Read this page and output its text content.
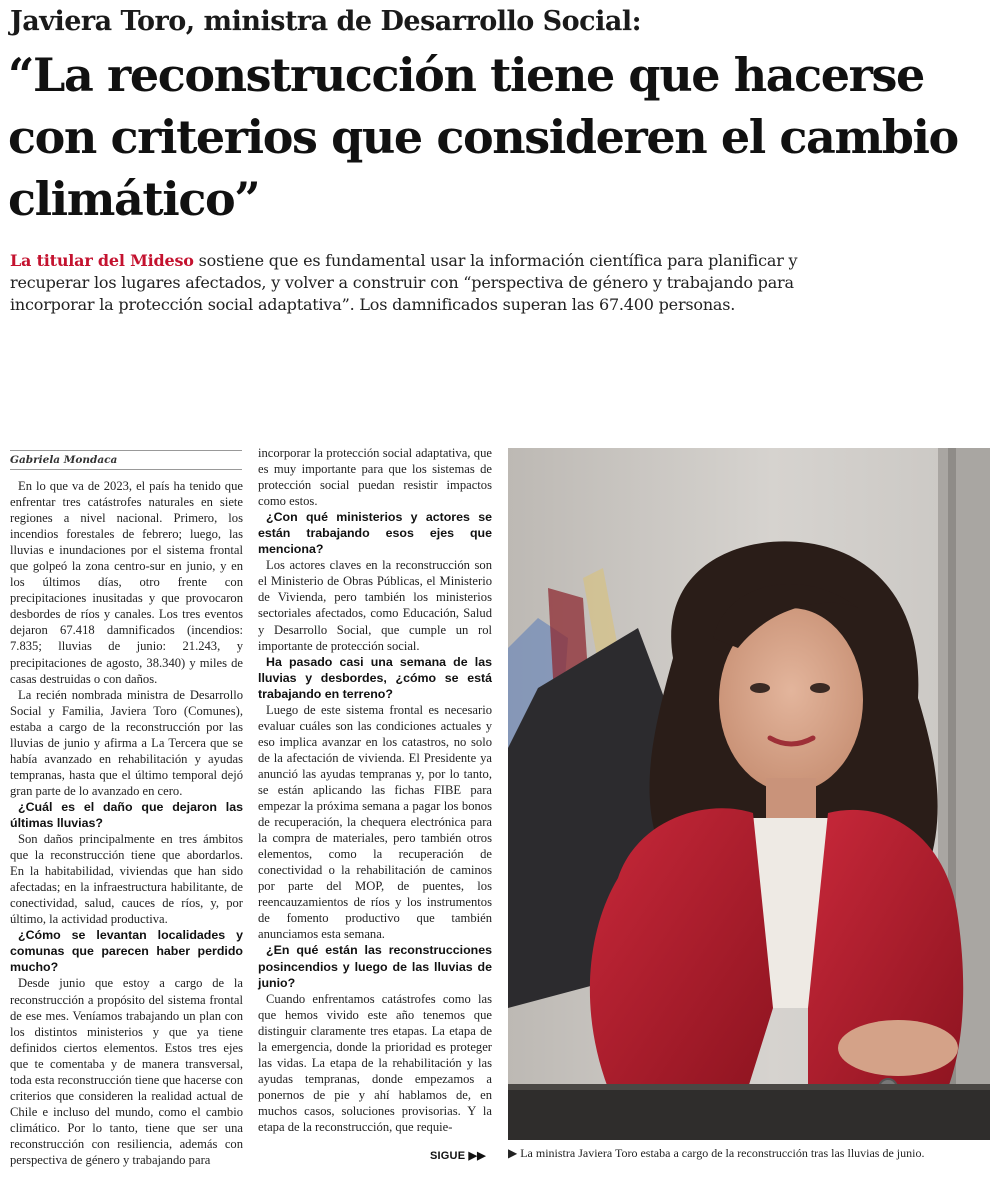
Javiera Toro, ministra de Desarrollo Social:
“La reconstrucción tiene que hacerse con criterios que consideren el cambio climático”
La titular del Mideso sostiene que es fundamental usar la información científica para planificar y recuperar los lugares afectados, y volver a construir con “perspectiva de género y trabajando para incorporar la protección social adaptativa”. Los damnificados superan las 67.400 personas.
Gabriela Mondaca

En lo que va de 2023, el país ha tenido que enfrentar tres catástrofes naturales en siete regiones a nivel nacional. Primero, los incendios forestales de febrero; luego, las lluvias e inundaciones por el sistema frontal que golpeó la zona centro-sur en junio, y en los últimos días, otro frente con precipitaciones inusitadas y que provocaron desbordes de ríos y canales. Los tres eventos dejaron 67.418 damnificados (incendios: 7.835; lluvias de junio: 21.243, y precipitaciones de agosto, 38.340) y miles de casas destruidas o con daños.

La recién nombrada ministra de Desarrollo Social y Familia, Javiera Toro (Comunes), estaba a cargo de la reconstrucción por las lluvias de junio y afirma a La Tercera que se había avanzado en rehabilitación y ayudas tempranas, hasta que el último temporal dejó gran parte de lo avanzado en cero.

¿Cuál es el daño que dejaron las últimas lluvias?

Son daños principalmente en tres ámbitos que la reconstrucción tiene que abordarlos. En la habitabilidad, viviendas que han sido afectadas; en la infraestructura habilitante, de conectividad, salud, cauces de ríos, y, por último, la actividad productiva.

¿Cómo se levantan localidades y comunas que parecen haber perdido mucho?

Desde junio que estoy a cargo de la reconstrucción a propósito del sistema frontal de ese mes. Veníamos trabajando un plan con los distintos ministerios y que ya tiene definidos ciertos elementos. Estos tres ejes que te comentaba y de manera transversal, toda esta reconstrucción tiene que hacerse con criterios que consideren la realidad actual de Chile e incluso del mundo, como el cambio climático. Por lo tanto, tiene que ser una reconstrucción con resiliencia, además con perspectiva de género y trabajando para

incorporar la protección social adaptativa, que es muy importante para que los sistemas de protección social puedan resistir impactos como estos.

¿Con qué ministerios y actores se están trabajando esos ejes que menciona?

Los actores claves en la reconstrucción son el Ministerio de Obras Públicas, el Ministerio de Vivienda, pero también los ministerios sectoriales afectados, como Educación, Salud y Desarrollo Social, que cumple un rol importante de protección social.

Ha pasado casi una semana de las lluvias y desbordes, ¿cómo se está trabajando en terreno?

Luego de este sistema frontal es necesario evaluar cuáles son las condiciones actuales y eso implica avanzar en los catastros, no solo de la afectación de vivienda. El Presidente ya anunció las ayudas tempranas y, por lo tanto, se están aplicando las fichas FIBE para empezar la próxima semana a pagar los bonos de recuperación, la chequera electrónica para la compra de materiales, pero también otros elementos, como la recuperación de conectividad o la rehabilitación de caminos por parte del MOP, de puentes, los reencauzamientos de ríos y los instrumentos de fomento productivo que también anunciamos esta semana.

¿En qué están las reconstrucciones posincendios y luego de las lluvias de junio?

Cuando enfrentamos catástrofes como las que hemos vivido este año tenemos que distinguir claramente tres etapas. La etapa de la emergencia, donde la prioridad es proteger las vidas. La etapa de la rehabilitación y las ayudas tempranas, donde empezamos a ponernos de pie y ahí hablamos de, en muchos casos, soluciones provisorias. Y la etapa de la reconstrucción, que requie-

SIGUE ▶▶ ▶ La ministra Javiera Toro estaba a cargo de la reconstrucción tras las lluvias de junio.
